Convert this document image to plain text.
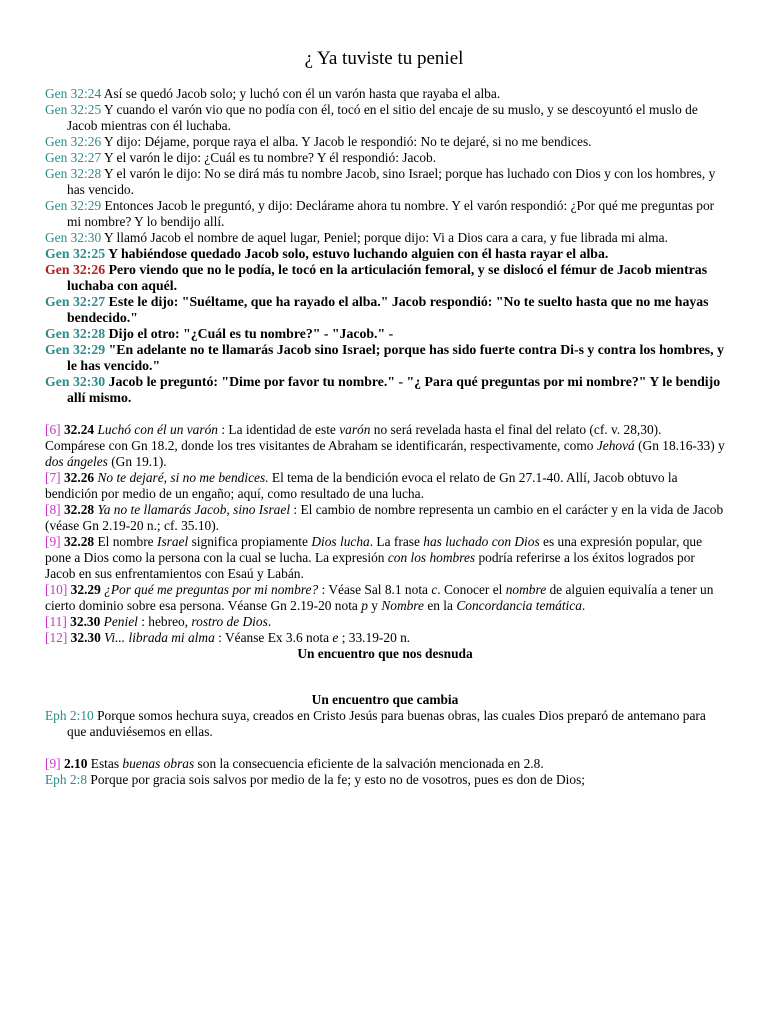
¿ Ya tuviste tu peniel

Gen 32:24 Así se quedó Jacob solo; y luchó con él un varón hasta que rayaba el alba.

Gen 32:25 Y cuando el varón vio que no podía con él, tocó en el sitio del encaje de su muslo, y se descoyuntó el muslo de Jacob mientras con él luchaba.

Gen 32:26 Y dijo: Déjame, porque raya el alba. Y Jacob le respondió: No te dejaré, si no me bendices.

Gen 32:27 Y el varón le dijo: ¿Cuál es tu nombre? Y él respondió: Jacob.

Gen 32:28 Y el varón le dijo: No se dirá más tu nombre Jacob, sino Israel; porque has luchado con Dios y con los hombres, y has vencido.

Gen 32:29 Entonces Jacob le preguntó, y dijo: Declárame ahora tu nombre. Y el varón respondió: ¿Por qué me preguntas por mi nombre? Y lo bendijo allí.

Gen 32:30 Y llamó Jacob el nombre de aquel lugar, Peniel; porque dijo: Vi a Dios cara a cara, y fue librada mi alma.

Gen 32:25 Y habiéndose quedado Jacob solo, estuvo luchando alguien con él hasta rayar el alba.

Gen 32:26 Pero viendo que no le podía, le tocó en la articulación femoral, y se dislocó el fémur de Jacob mientras luchaba con aquél.

Gen 32:27 Este le dijo: "Suéltame, que ha rayado el alba." Jacob respondió: "No te suelto hasta que no me hayas bendecido."

Gen 32:28 Dijo el otro: "¿Cuál es tu nombre?" - "Jacob." -

Gen 32:29 "En adelante no te llamarás Jacob sino Israel; porque has sido fuerte contra Di-s y contra los hombres, y le has vencido."

Gen 32:30 Jacob le preguntó: "Dime por favor tu nombre." - "¿ Para qué preguntas por mi nombre?" Y le bendijo allí mismo.

[6] 32.24 Luchó con él un varón : La identidad de este varón no será revelada hasta el final del relato (cf. v. 28,30). Compárese con Gn 18.2, donde los tres visitantes de Abraham se identificarán, respectivamente, como Jehová (Gn 18.16-33) y dos ángeles (Gn 19.1).

[7] 32.26 No te dejaré, si no me bendices. El tema de la bendición evoca el relato de Gn 27.1-40. Allí, Jacob obtuvo la bendición por medio de un engaño; aquí, como resultado de una lucha.

[8] 32.28 Ya no te llamarás Jacob, sino Israel : El cambio de nombre representa un cambio en el carácter y en la vida de Jacob (véase Gn 2.19-20 n.; cf. 35.10).

[9] 32.28 El nombre Israel significa propiamente Dios lucha. La frase has luchado con Dios es una expresión popular, que pone a Dios como la persona con la cual se lucha. La expresión con los hombres podría referirse a los éxitos logrados por Jacob en sus enfrentamientos con Esaú y Labán.

[10] 32.29 ¿Por qué me preguntas por mi nombre? : Véase Sal 8.1 nota c. Conocer el nombre de alguien equivalía a tener un cierto dominio sobre esa persona. Véanse Gn 2.19-20 nota p y Nombre en la Concordancia temática.

[11] 32.30 Peniel : hebreo, rostro de Dios.

[12] 32.30 Vi... librada mi alma : Véanse Ex 3.6 nota e ; 33.19-20 n.

Un encuentro que nos desnuda

Un encuentro que cambia

Eph 2:10 Porque somos hechura suya, creados en Cristo Jesús para buenas obras, las cuales Dios preparó de antemano para que anduviésemos en ellas.

[9] 2.10 Estas buenas obras son la consecuencia eficiente de la salvación mencionada en 2.8.

Eph 2:8 Porque por gracia sois salvos por medio de la fe; y esto no de vosotros, pues es don de Dios;
